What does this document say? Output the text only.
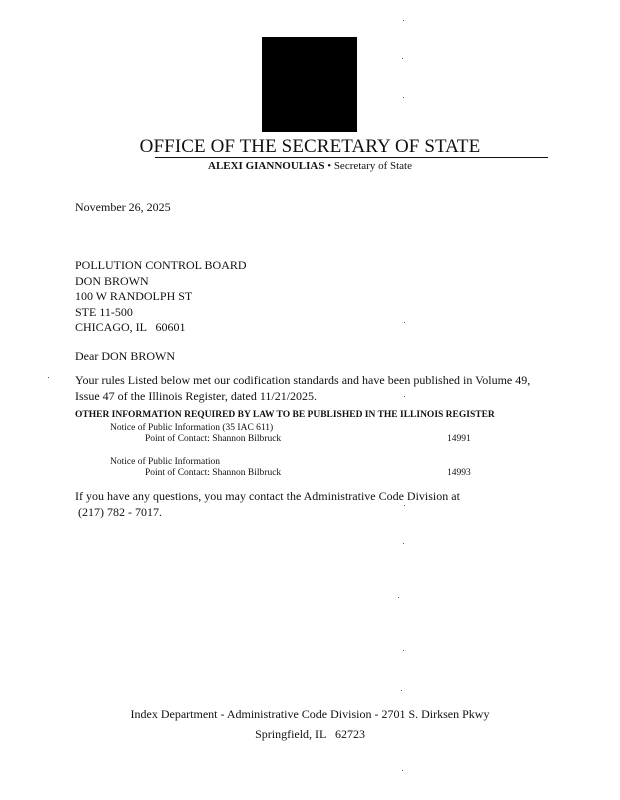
OFFICE OF THE SECRETARY OF STATE
ALEXI GIANNOULIAS • Secretary of State
November 26, 2025
POLLUTION CONTROL BOARD
DON BROWN
100 W RANDOLPH ST
STE 11-500
CHICAGO, IL   60601
Dear DON BROWN
Your rules Listed below met our codification standards and have been published in Volume 49,
Issue 47 of the Illinois Register, dated 11/21/2025.
OTHER INFORMATION REQUIRED BY LAW TO BE PUBLISHED IN THE ILLINOIS REGISTER
Notice of Public Information (35 IAC 611)
Point of Contact: Shannon Bilbruck	14991
Notice of Public Information
Point of Contact: Shannon Bilbruck	14993
If you have any questions, you may contact the Administrative Code Division at
(217) 782 - 7017.
Index Department - Administrative Code Division - 2701 S. Dirksen Pkwy
Springfield, IL   62723
